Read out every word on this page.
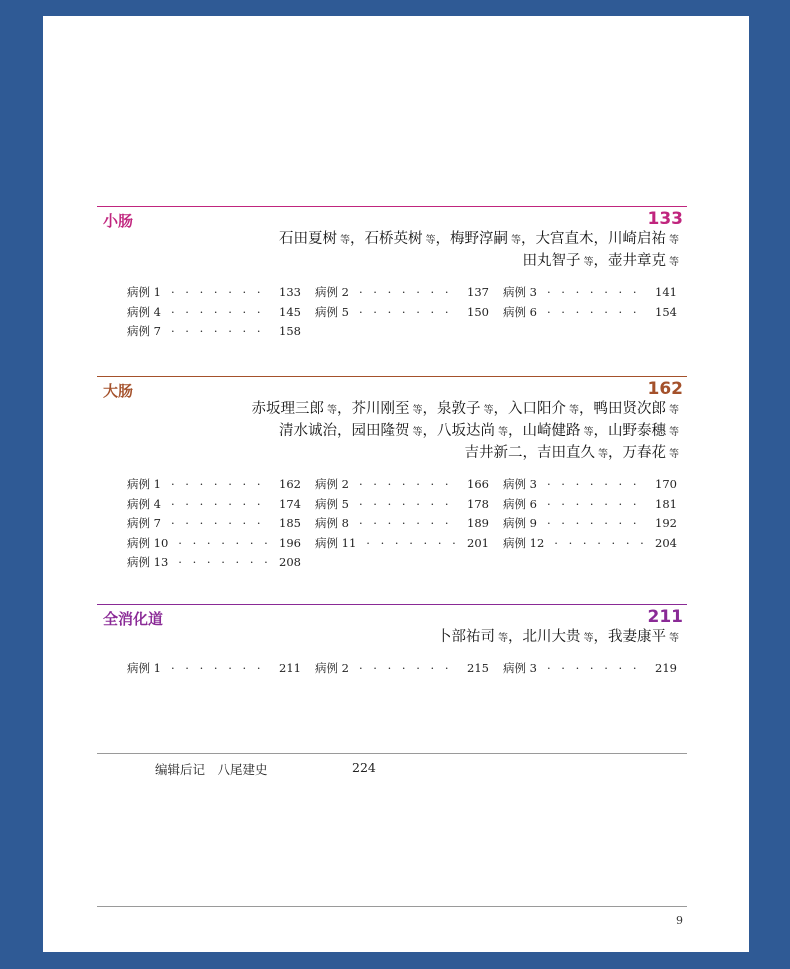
小肠	133
石田夏树 等，石桥英树 等，梅野淳嗣 等，大宫直木，川崎启祐 等
田丸智子 等，壶井章克 等
病例 1 · · · · · · ·	133 病例 2 · · · · · · ·	137 病例 3 · · · · · · ·	141
病例 4 · · · · · · ·	145 病例 5 · · · · · · ·	150 病例 6 · · · · · · ·	154
病例 7 · · · · · · ·	158
大肠	162
赤坂理三郎 等，芥川刚至 等，泉敦子 等，入口阳介 等，鸭田贤次郎 等
清水诚治，园田隆贺 等，八坂达尚 等，山崎健路 等，山野泰穗 等
吉井新二，吉田直久 等，万春花 等
病例 1 · · · · · · ·	162 病例 2 · · · · · · ·	166 病例 3 · · · · · · ·	170
病例 4 · · · · · · ·	174 病例 5 · · · · · · ·	178 病例 6 · · · · · · ·	181
病例 7 · · · · · · ·	185 病例 8 · · · · · · ·	189 病例 9 · · · · · · ·	192
病例 10 · · · · · · · 196 病例 11 · · · · · · · 201 病例 12 · · · · · · · 204
病例 13 · · · · · · · 208
全消化道	211
卜部祐司 等，北川大贵 等，我妻康平 等
病例 1 · · · · · · ·	211 病例 2 · · · · · · ·	215 病例 3 · · · · · · ·	219
编辑后记　八尾建史	224
9
